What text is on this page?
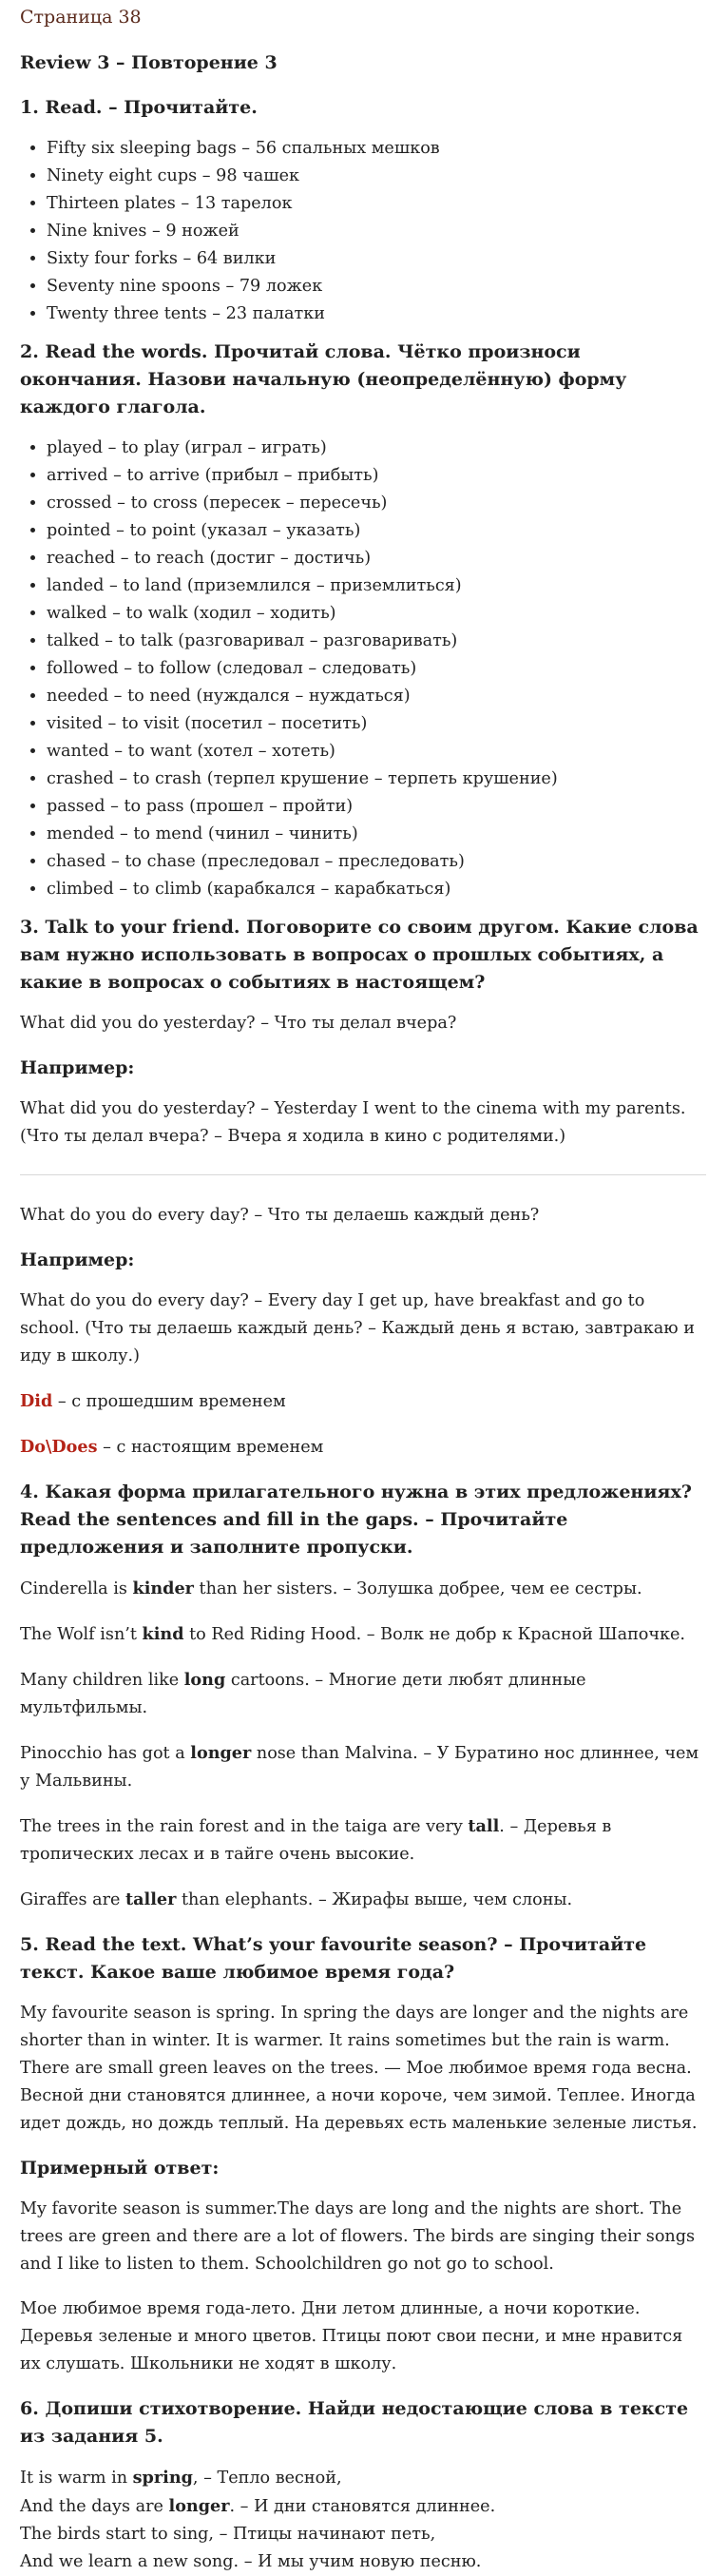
Страница 38
Review 3 – Повторение 3
1. Read. – Прочитайте.
• Fifty six sleeping bags – 56 спальных мешков
• Ninety eight cups – 98 чашек
• Thirteen plates – 13 тарелок
• Nine knives – 9 ножей
• Sixty four forks – 64 вилки
• Seventy nine spoons – 79 ложек
• Twenty three tents – 23 палатки
2. Read the words. Прочитай слова. Чётко произноси окончания. Назови начальную (неопределённую) форму каждого глагола.
• played – to play (играл – играть)
• arrived – to arrive (прибыл – прибыть)
• crossed – to cross (пересек – пересечь)
• pointed – to point (указал – указать)
• reached – to reach (достиг – достичь)
• landed – to land (приземлился – приземлиться)
• walked – to walk (ходил – ходить)
• talked – to talk (разговаривал – разговаривать)
• followed – to follow (следовал – следовать)
• needed – to need (нуждался – нуждаться)
• visited – to visit (посетил – посетить)
• wanted – to want (хотел – хотеть)
• crashed – to crash (терпел крушение – терпеть крушение)
• passed – to pass (прошел – пройти)
• mended – to mend (чинил – чинить)
• chased – to chase (преследовал – преследовать)
• climbed – to climb (карабкался – карабкаться)
3. Talk to your friend. Поговорите со своим другом. Какие слова вам нужно использовать в вопросах о прошлых событиях, а какие в вопросах о событиях в настоящем?

What did you do yesterday? – Что ты делал вчера?

Например:

What did you do yesterday? – Yesterday I went to the cinema with my parents. (Что ты делал вчера? – Вчера я ходила в кино с родителями.)

What do you do every day? – Что ты делаешь каждый день?

Например:

What do you do every day? – Every day I get up, have breakfast and go to school. (Что ты делаешь каждый день? – Каждый день я встаю, завтракаю и иду в школу.)

Did – с прошедшим временем

Do\Does – с настоящим временем

4. Какая форма прилагательного нужна в этих предложениях? Read the sentences and fill in the gaps. – Прочитайте предложения и заполните пропуски.

Cinderella is kinder than her sisters. – Золушка добрее, чем ее сестры.

The Wolf isn’t kind to Red Riding Hood. – Волк не добр к Красной Шапочке.

Many children like long cartoons. – Многие дети любят длинные мультфильмы.

Pinocchio has got a longer nose than Malvina. – У Буратино нос длиннее, чем у Мальвины.

The trees in the rain forest and in the taiga are very tall. – Деревья в тропических лесах и в тайге очень высокие.

Giraffes are taller than elephants. – Жирафы выше, чем слоны.

5. Read the text. What’s your favourite season? – Прочитайте текст. Какое ваше любимое время года?

My favourite season is spring. In spring the days are longer and the nights are shorter than in winter. It is warmer. It rains sometimes but the rain is warm. There are small green leaves on the trees. — Мое любимое время года весна. Весной дни становятся длиннее, а ночи короче, чем зимой. Теплее. Иногда идет дождь, но дождь теплый. На деревьях есть маленькие зеленые листья.

Примерный ответ:

My favorite season is summer.The days are long and the nights are short. The trees are green and there are a lot of flowers. The birds are singing their songs and I like to listen to them. Schoolchildren go not go to school.

Мое любимое время года-лето. Дни летом длинные, а ночи короткие. Деревья зеленые и много цветов. Птицы поют свои песни, и мне нравится их слушать. Школьники не ходят в школу.

6. Допиши стихотворение. Найди недостающие слова в тексте из задания 5.

It is warm in spring, – Тепло весной,

And the days are longer. – И дни становятся длиннее.

The birds start to sing, – Птицы начинают петь,

And we learn a new song. – И мы учим новую песню.
